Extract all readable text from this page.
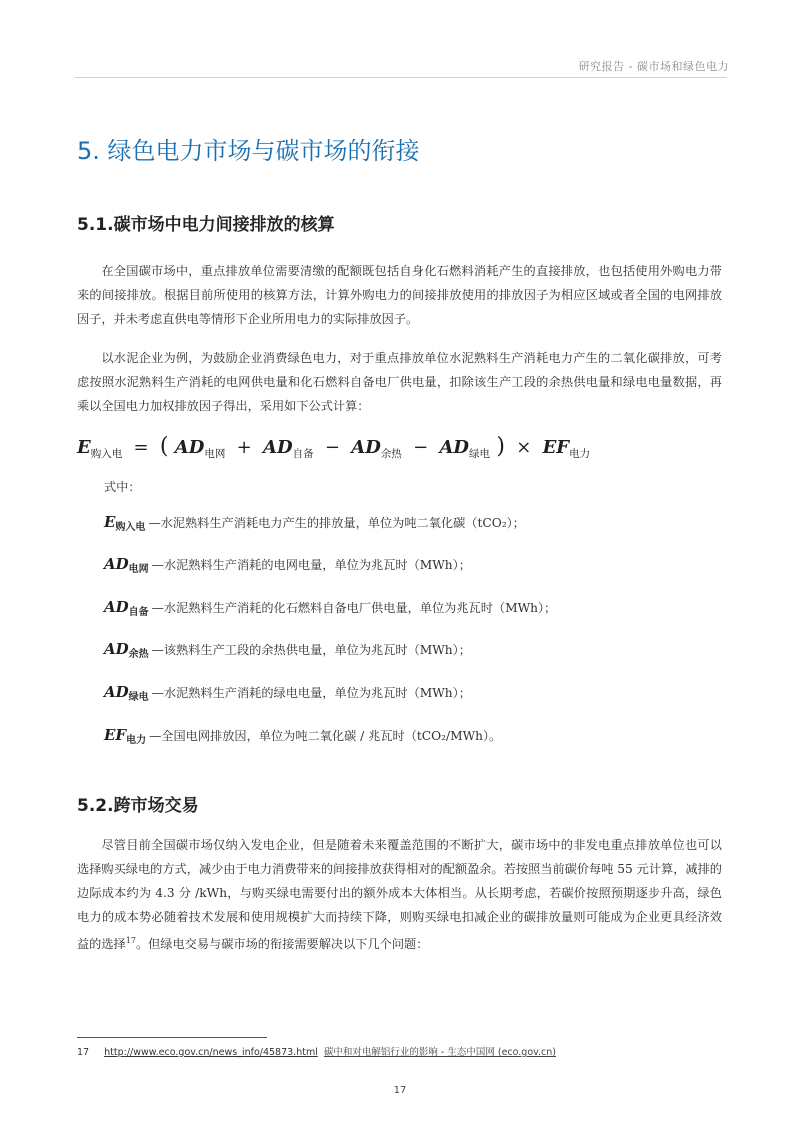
研究报告 - 碳市场和绿色电力
5. 绿色电力市场与碳市场的衔接
5.1.碳市场中电力间接排放的核算

在全国碳市场中，重点排放单位需要清缴的配额既包括自身化石燃料消耗产生的直接排放，也包括使用外购电力带来的间接排放。根据目前所使用的核算方法，计算外购电力的间接排放使用的排放因子为相应区域或者全国的电网排放因子，并未考虑直供电等情形下企业所用电力的实际排放因子。

以水泥企业为例，为鼓励企业消费绿色电力，对于重点排放单位水泥熟料生产消耗电力产生的二氧化碳排放，可考虑按照水泥熟料生产消耗的电网供电量和化石燃料自备电厂供电量，扣除该生产工段的余热供电量和绿电电量数据，再乘以全国电力加权排放因子得出，采用如下公式计算：

$E_{购入电}$ = ( $AD_{电网} + AD_{自备} - AD_{余热} - AD_{绿电}$ ) × $EF_{电力}$
式中：
$E_{购入电}$ —水泥熟料生产消耗电力产生的排放量，单位为吨二氧化碳（tCO₂）；
$AD_{电网}$ —水泥熟料生产消耗的电网电量，单位为兆瓦时（MWh）；
$AD_{自备}$ —水泥熟料生产消耗的化石燃料自备电厂供电量，单位为兆瓦时（MWh）；
$AD_{余热}$ —该熟料生产工段的余热供电量，单位为兆瓦时（MWh）；
$AD_{绿电}$ —水泥熟料生产消耗的绿电电量，单位为兆瓦时（MWh）；
$EF_{电力}$ —全国电网排放因，单位为吨二氧化碳 / 兆瓦时（tCO₂/MWh）。
5.2.跨市场交易

尽管目前全国碳市场仅纳入发电企业，但是随着未来覆盖范围的不断扩大，碳市场中的非发电重点排放单位也可以选择购买绿电的方式，减少由于电力消费带来的间接排放获得相对的配额盈余。若按照当前碳价每吨 55 元计算，减排的边际成本约为 4.3 分 /kWh，与购买绿电需要付出的额外成本大体相当。从长期考虑，若碳价按照预期逐步升高，绿色电力的成本势必随着技术发展和使用规模扩大而持续下降，则购买绿电扣减企业的碳排放量则可能成为企业更具经济效益的选择$^{17}$。但绿电交易与碳市场的衔接需要解决以下几个问题：

17 http://www.eco.gov.cn/news_info/45873.html 碳中和对电解铝行业的影响 - 生态中国网 (eco.gov.cn)
17
